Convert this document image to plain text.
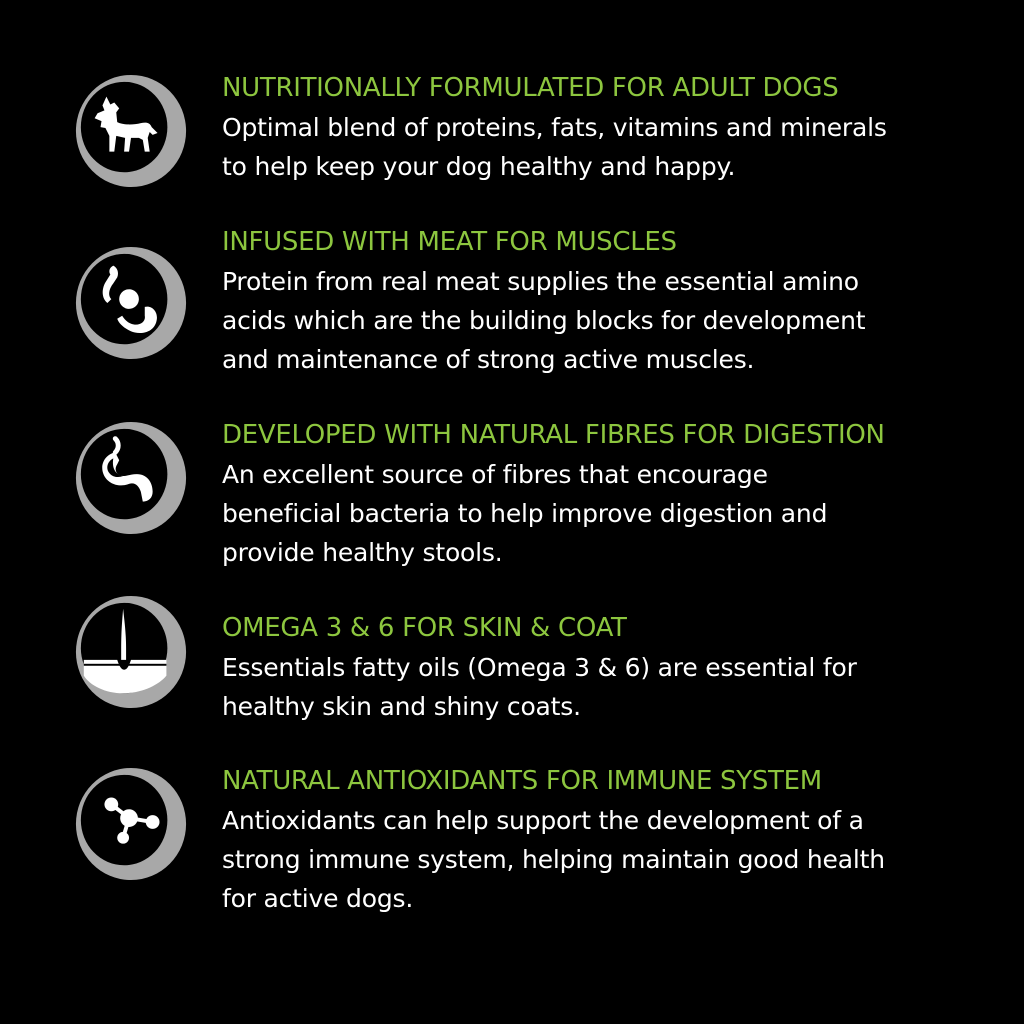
NUTRITIONALLY FORMULATED FOR ADULT DOGS
Optimal blend of proteins, fats, vitamins and minerals
to help keep your dog healthy and happy.
INFUSED WITH MEAT FOR MUSCLES
Protein from real meat supplies the essential amino
acids which are the building blocks for development
and maintenance of strong active muscles.
DEVELOPED WITH NATURAL FIBRES FOR DIGESTION
An excellent source of fibres that encourage
beneficial bacteria to help improve digestion and
provide healthy stools.
OMEGA 3 & 6 FOR SKIN & COAT
Essentials fatty oils (Omega 3 & 6) are essential for
healthy skin and shiny coats.
NATURAL ANTIOXIDANTS FOR IMMUNE SYSTEM
Antioxidants can help support the development of a
strong immune system, helping maintain good health
for active dogs.
